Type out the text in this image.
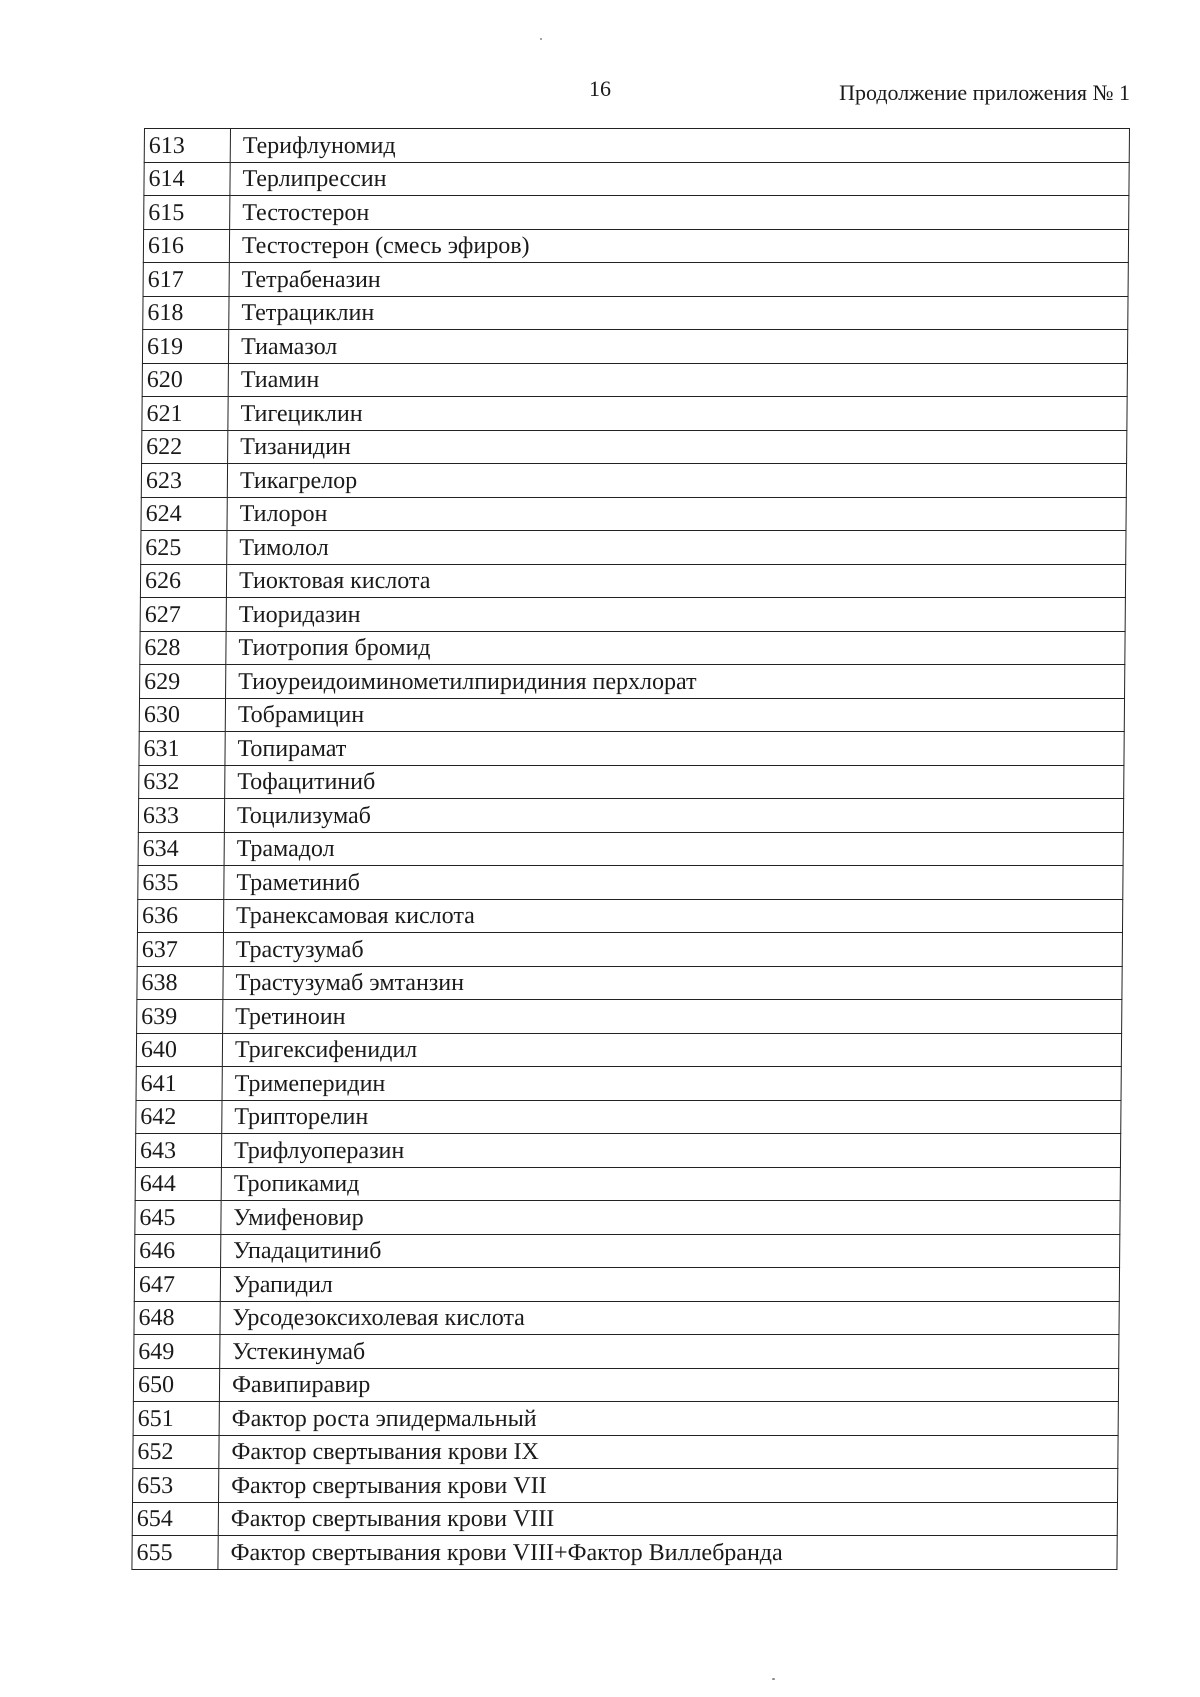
16	Продолжение приложения № 1
613	Терифлуномид
614	Терлипрессин
615	Тестостерон
616	Тестостерон (смесь эфиров)
617	Тетрабеназин
618	Тетрациклин
619	Тиамазол
620	Тиамин
621	Тигециклин
622	Тизанидин
623	Тикагрелор
624	Тилорон
625	Тимолол
626	Тиоктовая кислота
627	Тиоридазин
628	Тиотропия бромид
629	Тиоуреидоиминометилпиридиния перхлорат
630	Тобрамицин
631	Топирамат
632	Тофацитиниб
633	Тоцилизумаб
634	Трамадол
635	Траметиниб
636	Транексамовая кислота
637	Трастузумаб
638	Трастузумаб эмтанзин
639	Третиноин
640	Тригексифенидил
641	Тримеперидин
642	Трипторелин
643	Трифлуоперазин
644	Тропикамид
645	Умифеновир
646	Упадацитиниб
647	Урапидил
648	Урсодезоксихолевая кислота
649	Устекинумаб
650	Фавипиравир
651	Фактор роста эпидермальный
652	Фактор свертывания крови IX
653	Фактор свертывания крови VII
654	Фактор свертывания крови VIII
655	Фактор свертывания крови VIII+Фактор Виллебранда
